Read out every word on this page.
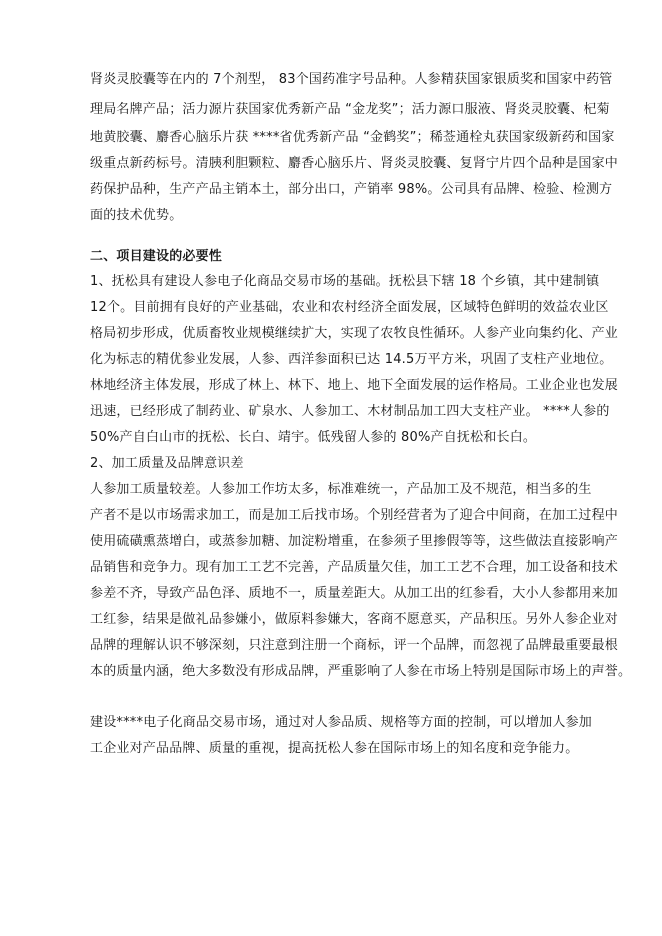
肾炎灵胶囊等在内的 7个剂型， 83个国药准字号品种。人参精获国家银质奖和国家中药管
理局名牌产品；活力源片获国家优秀新产品 “金龙奖”；活力源口服液、肾炎灵胶囊、杞菊
地黄胶囊、麝香心脑乐片获 ****省优秀新产品 “金鹤奖”；稀莶通栓丸获国家级新药和国家
级重点新药标号。清胰利胆颗粒、麝香心脑乐片、肾炎灵胶囊、复肾宁片四个品种是国家中
药保护品种，生产产品主销本土，部分出口，产销率 98%。公司具有品牌、检验、检测方
面的技术优势。
二、项目建设的必要性
1、抚松具有建设人参电子化商品交易市场的基础。抚松县下辖 18 个乡镇，其中建制镇
12个。目前拥有良好的产业基础，农业和农村经济全面发展，区域特色鲜明的效益农业区
格局初步形成，优质畜牧业规模继续扩大，实现了农牧良性循环。人参产业向集约化、产业
化为标志的精优参业发展，人参、西洋参面积已达 14.5万平方米，巩固了支柱产业地位。
林地经济主体发展，形成了林上、林下、地上、地下全面发展的运作格局。工业企业也发展
迅速，已经形成了制药业、矿泉水、人参加工、木材制品加工四大支柱产业。 ****人参的
50%产自白山市的抚松、长白、靖宇。低残留人参的 80%产自抚松和长白。
2、加工质量及品牌意识差
人参加工质量较差。人参加工作坊太多，标准难统一，产品加工及不规范，相当多的生
产者不是以市场需求加工，而是加工后找市场。个别经营者为了迎合中间商，在加工过程中
使用硫磺熏蒸增白，或蒸参加糖、加淀粉增重，在参须子里掺假等等，这些做法直接影响产
品销售和竞争力。现有加工工艺不完善，产品质量欠佳，加工工艺不合理，加工设备和技术
参差不齐，导致产品色泽、质地不一，质量差距大。从加工出的红参看，大小人参都用来加
工红参，结果是做礼品参嫌小，做原料参嫌大，客商不愿意买，产品积压。另外人参企业对
品牌的理解认识不够深刻，只注意到注册一个商标，评一个品牌，而忽视了品牌最重要最根
本的质量内涵，绝大多数没有形成品牌，严重影响了人参在市场上特别是国际市场上的声誉。
建设****电子化商品交易市场，通过对人参品质、规格等方面的控制，可以增加人参加
工企业对产品品牌、质量的重视，提高抚松人参在国际市场上的知名度和竞争能力。
